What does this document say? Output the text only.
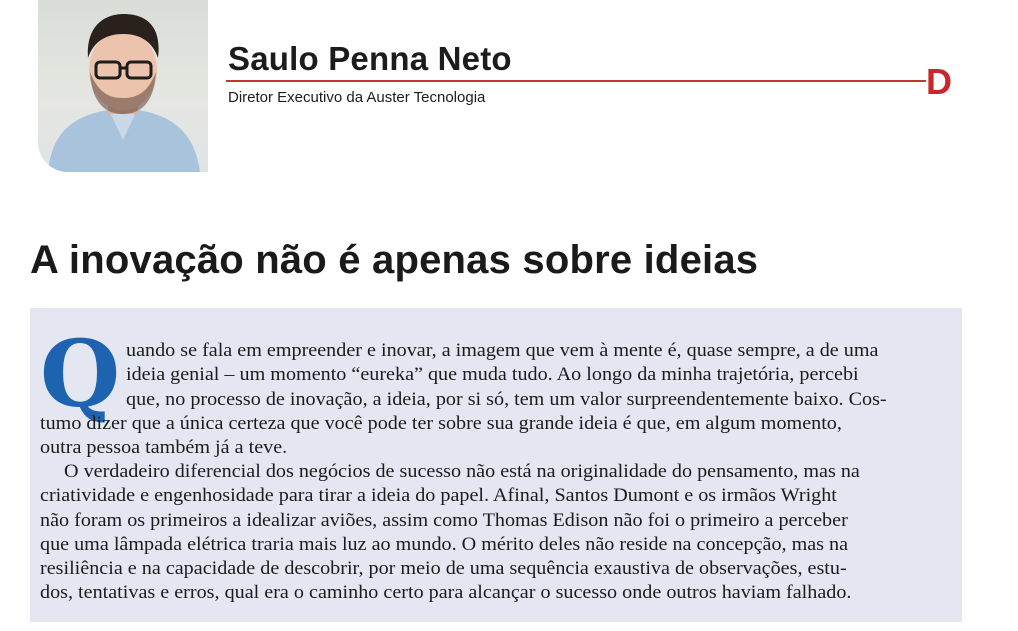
Saulo Penna Neto
Diretor Executivo da Auster Tecnologia	D
A inovação não é apenas sobre ideias
Q uando se fala em empreender e inovar, a imagem que vem à mente é, quase sempre, a de uma
ideia genial – um momento “eureka” que muda tudo. Ao longo da minha trajetória, percebi
que, no processo de inovação, a ideia, por si só, tem um valor surpreendentemente baixo. Cos-
tumo dizer que a única certeza que você pode ter sobre sua grande ideia é que, em algum momento,
outra pessoa também já a teve.
O verdadeiro diferencial dos negócios de sucesso não está na originalidade do pensamento, mas na
criatividade e engenhosidade para tirar a ideia do papel. Afinal, Santos Dumont e os irmãos Wright
não foram os primeiros a idealizar aviões, assim como Thomas Edison não foi o primeiro a perceber
que uma lâmpada elétrica traria mais luz ao mundo. O mérito deles não reside na concepção, mas na
resiliência e na capacidade de descobrir, por meio de uma sequência exaustiva de observações, estu-
dos, tentativas e erros, qual era o caminho certo para alcançar o sucesso onde outros haviam falhado.
